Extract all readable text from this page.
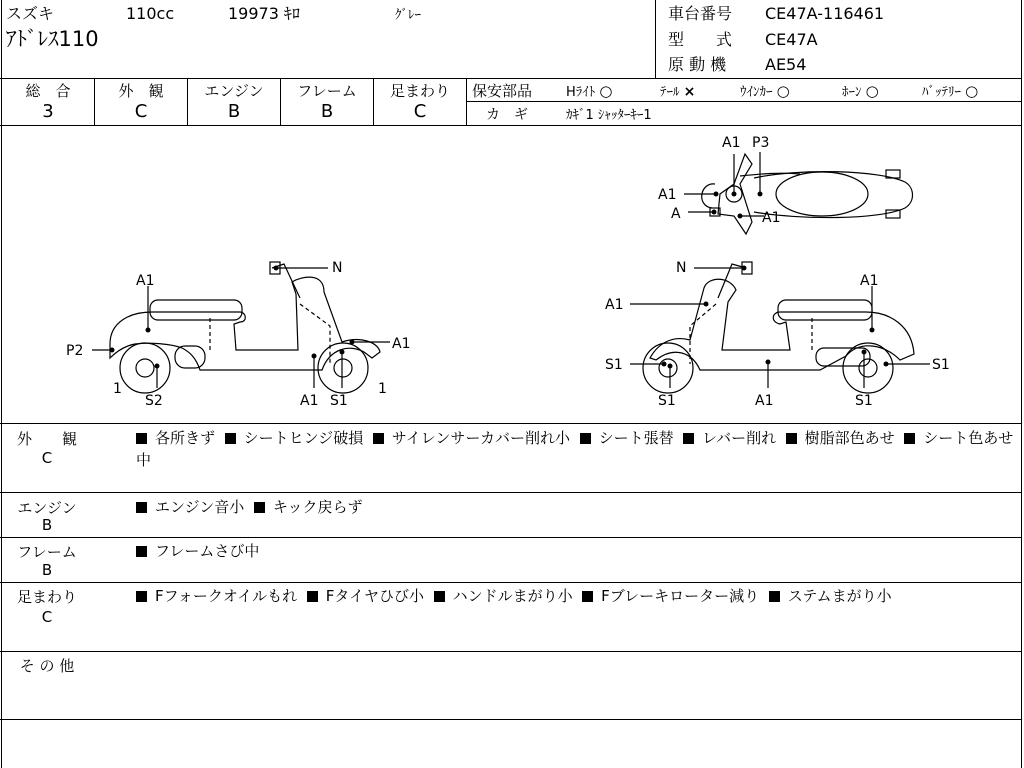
スズキ	110cc	19973 ｷﾛ	ｸﾞﾚｰ
ｱﾄﾞﾚｽ110
車台番号 CE47A-116461
型　　式 CE47A
原 動 機 AE54
総　合
3
外　観
C
エンジン
B
フレーム
B
足まわり
C
保安部品	Hﾗｲﾄ ○	ﾃｰﾙ ×	ｳｲﾝｶｰ ○	ﾎｰﾝ ○	ﾊﾞｯﾃﾘｰ ○
カ　ギ	ｶｷﾞ1 ｼｬｯﾀｰｷｰ1
A1 P3
A1
A	A1
A1
N
P2	A1
1	1
S2	A1 S1
N
A1
A1
S1	S1
S1	A1	S1
外　　観
C
各所きず シートヒンジ破損 サイレンサーカバー削れ小 シート張替 レバー削れ 樹脂部色あせ シート色あせ中
エンジン
B
エンジン音小 キック戻らず
フレーム
B
フレームさび中
足まわり
C
Fフォークオイルもれ Fタイヤひび小 ハンドルまがり小 Fブレーキローター減り ステムまがり小
そ の 他
